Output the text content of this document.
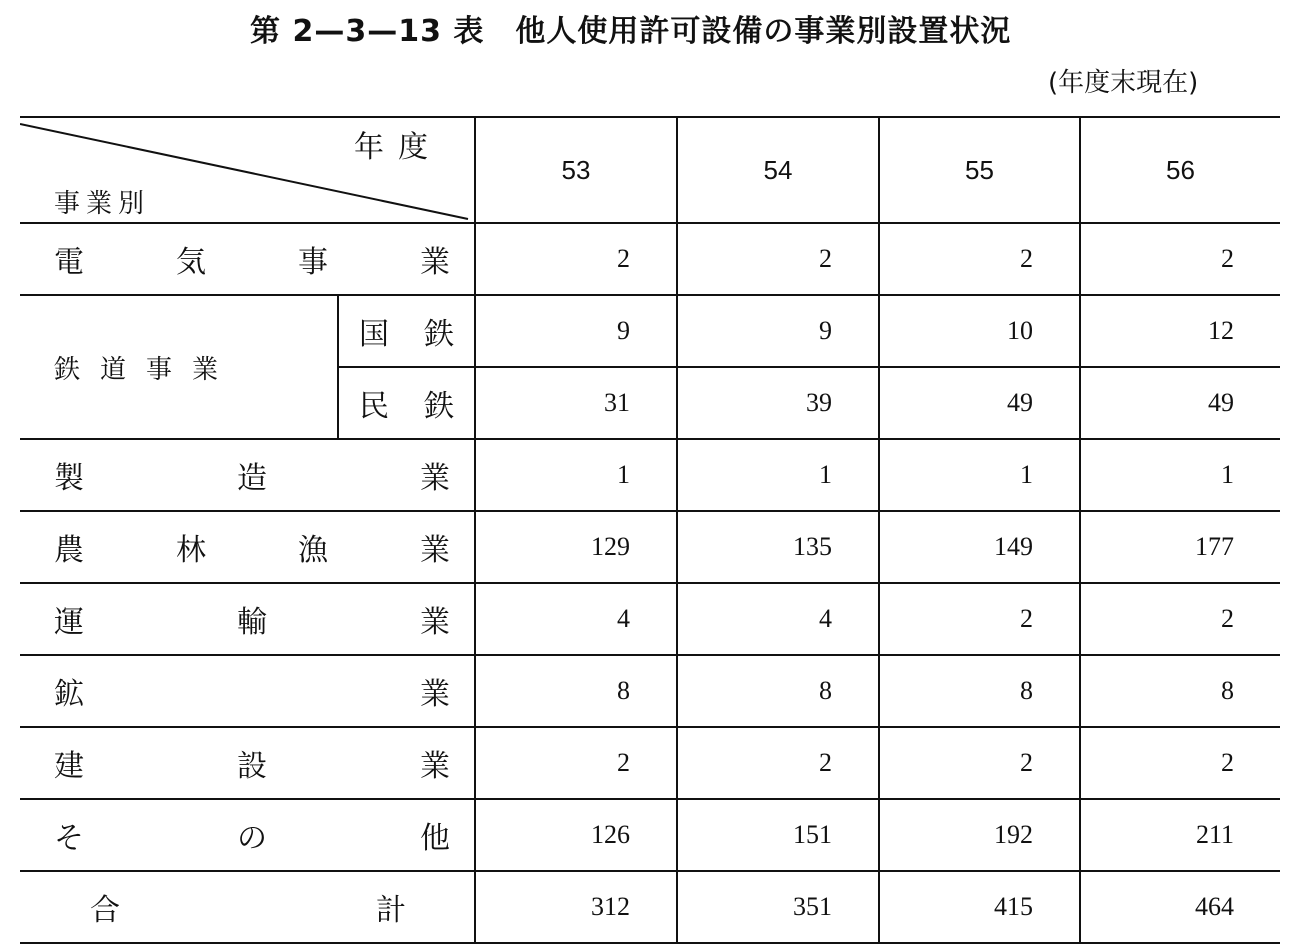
第 2—3—13 表　他人使用許可設備の事業別設置状況
(年度末現在)
年度
事業別		53	54	55	56

電 気 事 業		2	2	2	2
鉄道事業	国 鉄	9	9	10	12

	民 鉄	31	39	49	49

製 造 業		1	1	1	1

農 林 漁 業		129	135	149	177

運 輸 業		4	4	2	2

鉱 業		8	8	8	8

建 設 業		2	2	2	2

そ の 他		126	151	192	211

合 計		312	351	415	464
